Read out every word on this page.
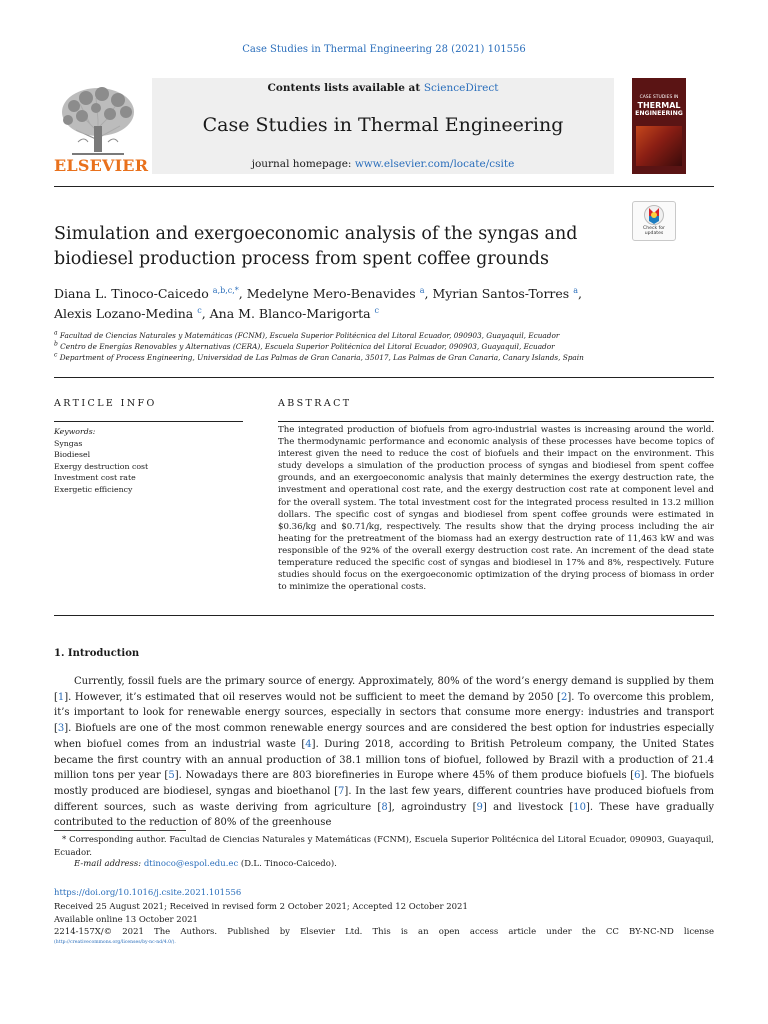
Case Studies in Thermal Engineering 28 (2021) 101556
ELSEVIER
Contents lists available at ScienceDirect
Case Studies in Thermal Engineering
journal homepage: www.elsevier.com/locate/csite
CASE STUDIES IN
THERMAL
ENGINEERING
Check for
updates
Simulation and exergoeconomic analysis of the syngas and
biodiesel production process from spent coffee grounds
Diana L. Tinoco-Caicedo $^{a,b,c,*}$, Medelyne Mero-Benavides $^a$, Myrian Santos-Torres $^a$,
Alexis Lozano-Medina $^c$, Ana M. Blanco-Marigorta $^c$
$^a$ Facultad de Ciencias Naturales y Matemáticas (FCNM), Escuela Superior Politécnica del Litoral Ecuador, 090903, Guayaquil, Ecuador
$^b$ Centro de Energías Renovables y Alternativas (CERA), Escuela Superior Politécnica del Litoral Ecuador, 090903, Guayaquil, Ecuador
$^c$ Department of Process Engineering, Universidad de Las Palmas de Gran Canaria, 35017, Las Palmas de Gran Canaria, Canary Islands, Spain
ARTICLE INFO	ABSTRACT
Keywords:
Syngas
Biodiesel
Exergy destruction cost
Investment cost rate
Exergetic efficiency
The integrated production of biofuels from agro-industrial wastes is increasing around the world. The thermodynamic performance and economic analysis of these processes have become topics of interest given the need to reduce the cost of biofuels and their impact on the environment. This study develops a simulation of the production process of syngas and biodiesel from spent coffee grounds, and an exergoeconomic analysis that mainly determines the exergy destruction rate, the investment and operational cost rate, and the exergy destruction cost rate at component level and for the overall system. The total investment cost for the integrated process resulted in 13.2 million dollars. The specific cost of syngas and biodiesel from spent coffee grounds were estimated in $0.36/kg and $0.71/kg, respectively. The results show that the drying process including the air heating for the pretreatment of the biomass had an exergy destruction rate of 11,463 kW and was responsible of the 92% of the overall exergy destruction cost rate. An increment of the dead state temperature reduced the specific cost of syngas and biodiesel in 17% and 8%, respectively. Future studies should focus on the exergoeconomic optimization of the drying process of biomass in order to minimize the operational costs.
1. Introduction
Currently, fossil fuels are the primary source of energy. Approximately, 80% of the word’s energy demand is supplied by them [1]. However, it’s estimated that oil reserves would not be sufficient to meet the demand by 2050 [2]. To overcome this problem, it’s important to look for renewable energy sources, especially in sectors that consume more energy: industries and transport [3]. Biofuels are one of the most common renewable energy sources and are considered the best option for industries especially when biofuel comes from an industrial waste [4]. During 2018, according to British Petroleum company, the United States became the first country with an annual production of 38.1 million tons of biofuel, followed by Brazil with a production of 21.4 million tons per year [5]. Nowadays there are 803 biorefineries in Europe where 45% of them produce biofuels [6]. The biofuels mostly produced are biodiesel, syngas and bioethanol [7]. In the last few years, different countries have produced biofuels from different sources, such as waste deriving from agriculture [8], agroindustry [9] and livestock [10]. These have gradually contributed to the reduction of 80% of the greenhouse
* Corresponding author. Facultad de Ciencias Naturales y Matemáticas (FCNM), Escuela Superior Politécnica del Litoral Ecuador, 090903, Guayaquil, Ecuador.
E-mail address: dtinoco@espol.edu.ec (D.L. Tinoco-Caicedo).
https://doi.org/10.1016/j.csite.2021.101556
Received 25 August 2021; Received in revised form 2 October 2021; Accepted 12 October 2021
Available online 13 October 2021
2214-157X/© 2021 The Authors. Published by Elsevier Ltd. This is an open access article under the CC BY-NC-ND license
(http://creativecommons.org/licenses/by-nc-nd/4.0/).
